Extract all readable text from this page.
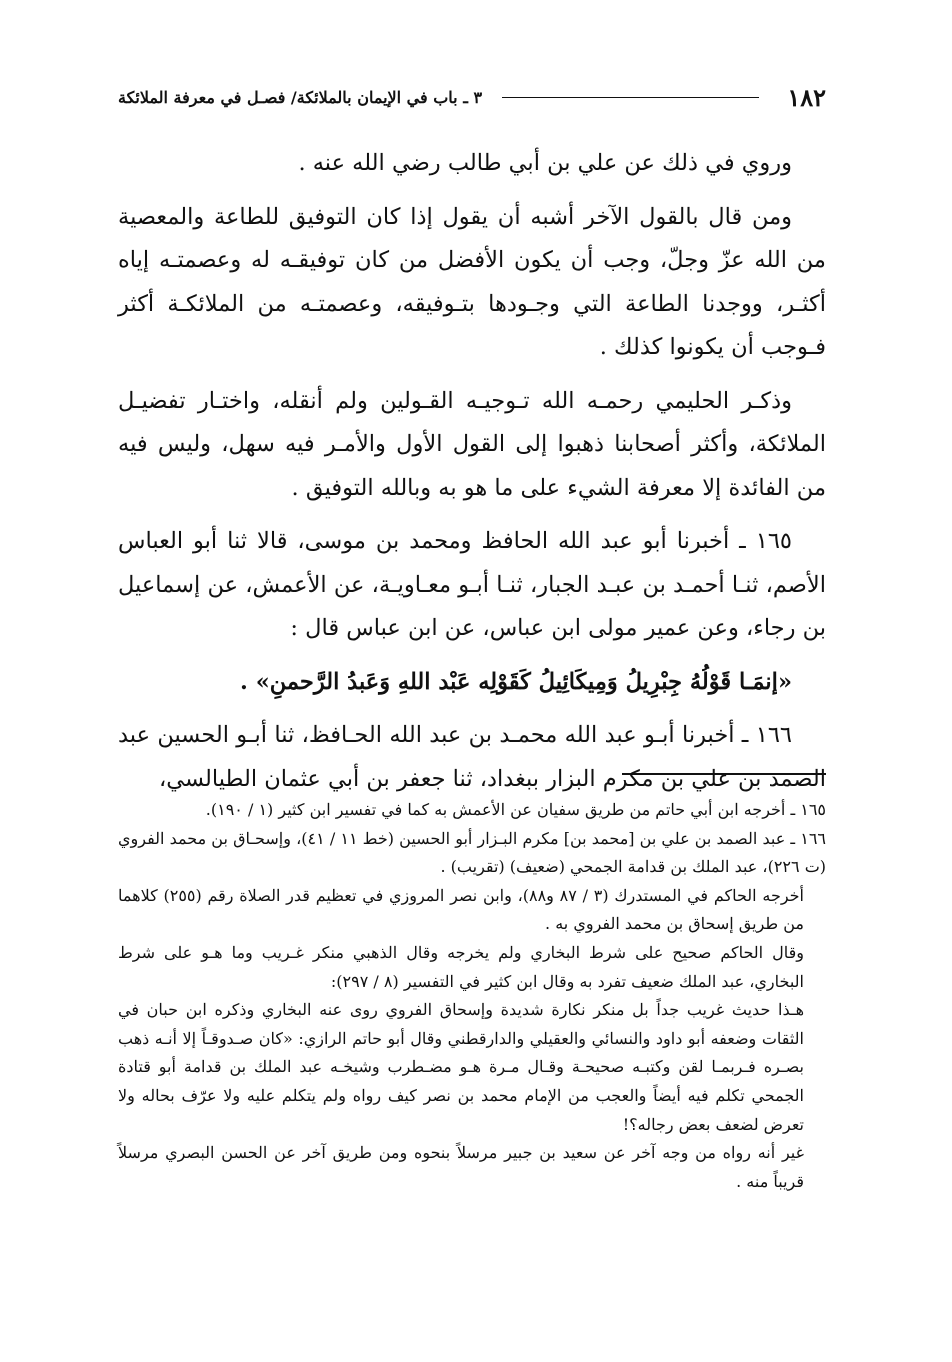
١٨٢
٣ ـ باب في الإيمان بالملائكة/ فصـل في معرفة الملائكة

وروي في ذلك عن علي بن أبي طالب رضي الله عنه .

ومن قال بالقول الآخر أشبه أن يقول إذا كان التوفيق للطاعة والمعصية من الله عزّ وجلّ، وجب أن يكون الأفضل من كان توفيقـه له وعصمتـه إياه أكثـر، ووجدنا الطاعة التي وجـودها بتـوفيقه، وعصمتـه من الملائكـة أكثر فـوجب أن يكونوا كذلك .

وذكـر الحليمي رحمـه الله تـوجيـه القـولين ولم أنقله، واختـار تفضيـل الملائكة، وأكثر أصحابنا ذهبوا إلى القول الأول والأمـر فيه سهل، وليس فيه من الفائدة إلا معرفة الشيء على ما هو به وبالله التوفيق .

١٦٥ ـ أخبرنا أبو عبد الله الحافظ ومحمد بن موسى، قالا ثنا أبو العباس الأصم، ثنـا أحمـد بن عبـد الجبار، ثنـا أبـو معـاويـة، عن الأعمش، عن إسماعيل بن رجاء، وعن عمير مولى ابن عباس، عن ابن عباس قال :

«إنمَـا قَوْلُهُ جِبْرِيلُ وَمِيكَائِيلُ كَقَوْلِه عَبْد اللهِ وَعَبدُ الرَّحمنِ» .

١٦٦ ـ أخبرنا أبـو عبد الله محمـد بن عبد الله الحـافظ، ثنا أبـو الحسين عبد الصمد بن علي بن مكرم البزار ببغداد، ثنا جعفر بن أبي عثمان الطيالسي،

١٦٥ ـ أخرجه ابن أبي حاتم من طريق سفيان عن الأعمش به كما في تفسير ابن كثير (١ / ١٩٠).

١٦٦ ـ عبد الصمد بن علي بن [محمد بن] مكرم البـزار أبو الحسين (خط ١١ / ٤١)، وإسحـاق بن محمد الفروي (ت ٢٢٦)، عبد الملك بن قدامة الجمحي (ضعيف) (تقريب) .

أخرجه الحاكم في المستدرك (٣ / ٨٧ و٨٨)، وابن نصر المروزي في تعظيم قدر الصلاة رقم (٢٥٥) كلاهما من طريق إسحاق بن محمد الفروي به .

وقال الحاكم صحيح على شرط البخاري ولم يخرجه وقال الذهبي منكر غـريب وما هـو على شرط البخاري، عبد الملك ضعيف تفرد به وقال ابن كثير في التفسير (٨ / ٢٩٧):

هـذا حديث غريب جداً بل منكر نكارة شديدة وإسحاق الفروي روى عنه البخاري وذكره ابن حبان في الثقات وضعفه أبو داود والنسائي والعقيلي والدارقطني وقال أبو حاتم الرازي: «كان صـدوقـاً إلا أنـه ذهب بصـره فـربمـا لقن وكتبـه صحيحـة وقـال مـرة هـو مضـطرب وشيخـه عبد الملك بن قدامة أبو قتادة الجمحي تكلم فيه أيضاً والعجب من الإمام محمد بن نصر كيف رواه ولم يتكلم عليه ولا عرّف بحاله ولا تعرض لضعف بعض رجاله؟!

غير أنه رواه من وجه آخر عن سعيد بن جبير مرسلاً بنحوه ومن طريق آخر عن الحسن البصري مرسلاً قريباً منه .
